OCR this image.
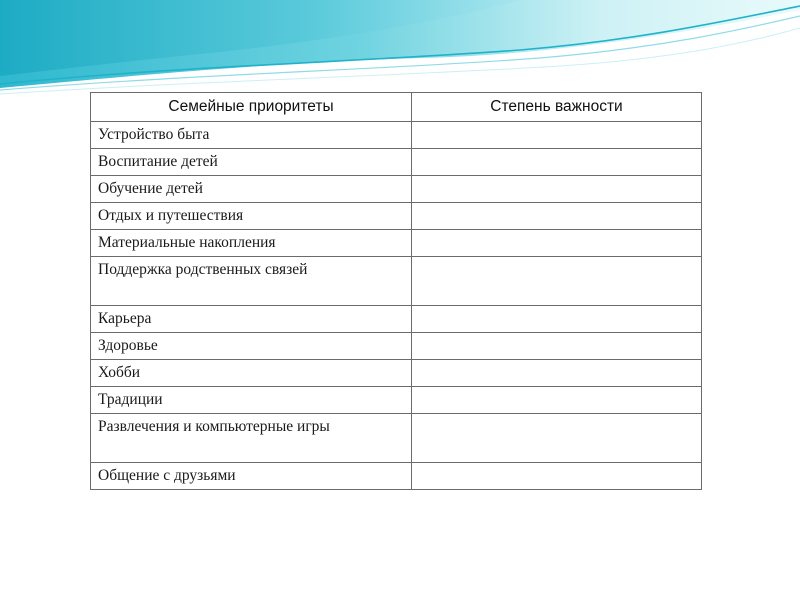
Семейные приоритеты	Степень важности
Устройство быта	
Воспитание детей	
Обучение детей	
Отдых и путешествия	
Материальные накопления	
Поддержка родственных связей	
Карьера	
Здоровье	
Хобби	
Традиции	
Развлечения и компьютерные игры	
Общение с друзьями	
